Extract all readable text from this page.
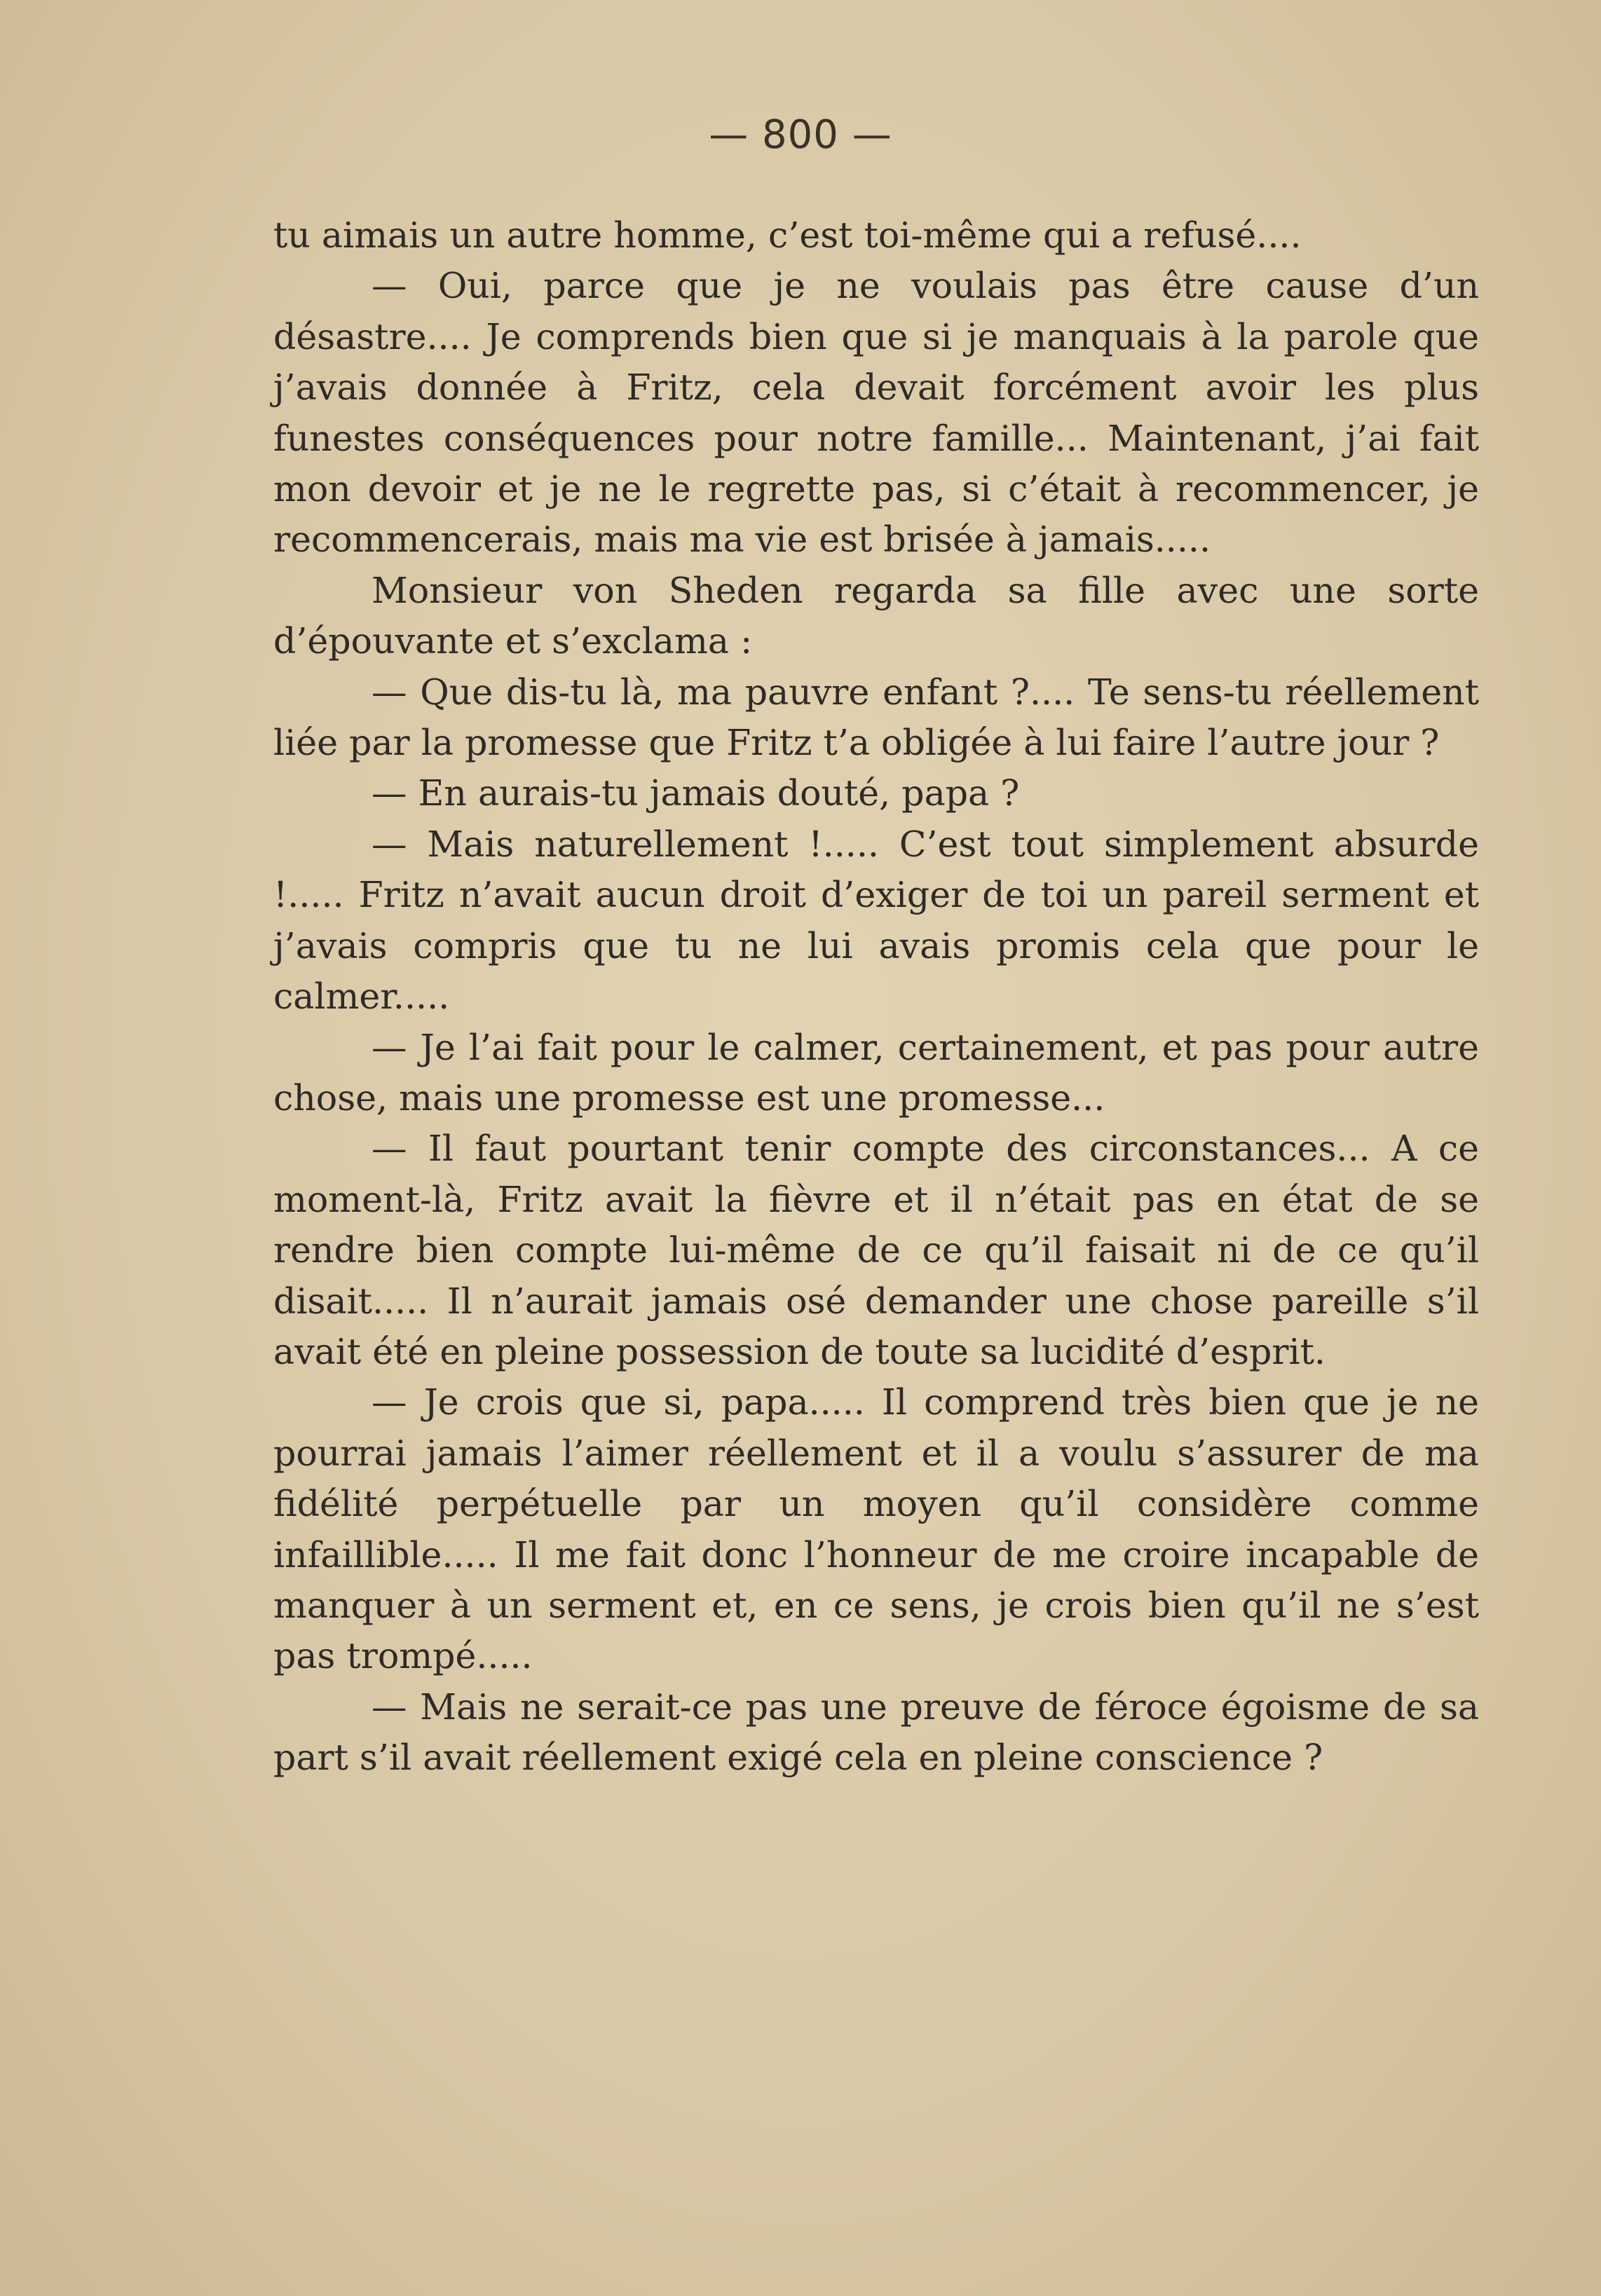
— 800 —

tu aimais un autre homme, c’est toi-même qui a refusé....

— Oui, parce que je ne voulais pas être cause d’un désastre.... Je comprends bien que si je manquais à la parole que j’avais donnée à Fritz, cela devait forcément avoir les plus funestes conséquences pour notre famille... Maintenant, j’ai fait mon devoir et je ne le regrette pas, si c’était à recommencer, je recommencerais, mais ma vie est brisée à jamais.....

Monsieur von Sheden regarda sa fille avec une sorte d’épouvante et s’exclama :

— Que dis-tu là, ma pauvre enfant ?.... Te sens-tu réellement liée par la promesse que Fritz t’a obligée à lui faire l’autre jour ?

— En aurais-tu jamais douté, papa ?

— Mais naturellement !..... C’est tout simplement absurde !..... Fritz n’avait aucun droit d’exiger de toi un pareil serment et j’avais compris que tu ne lui avais promis cela que pour le calmer.....

— Je l’ai fait pour le calmer, certainement, et pas pour autre chose, mais une promesse est une promesse...

— Il faut pourtant tenir compte des circonstances... A ce moment-là, Fritz avait la fièvre et il n’était pas en état de se rendre bien compte lui-même de ce qu’il faisait ni de ce qu’il disait..... Il n’aurait jamais osé demander une chose pareille s’il avait été en pleine possession de toute sa lucidité d’esprit.

— Je crois que si, papa..... Il comprend très bien que je ne pourrai jamais l’aimer réellement et il a voulu s’assurer de ma fidélité perpétuelle par un moyen qu’il considère comme infaillible..... Il me fait donc l’honneur de me croire incapable de manquer à un serment et, en ce sens, je crois bien qu’il ne s’est pas trompé.....

— Mais ne serait-ce pas une preuve de féroce égoisme de sa part s’il avait réellement exigé cela en pleine conscience ?
